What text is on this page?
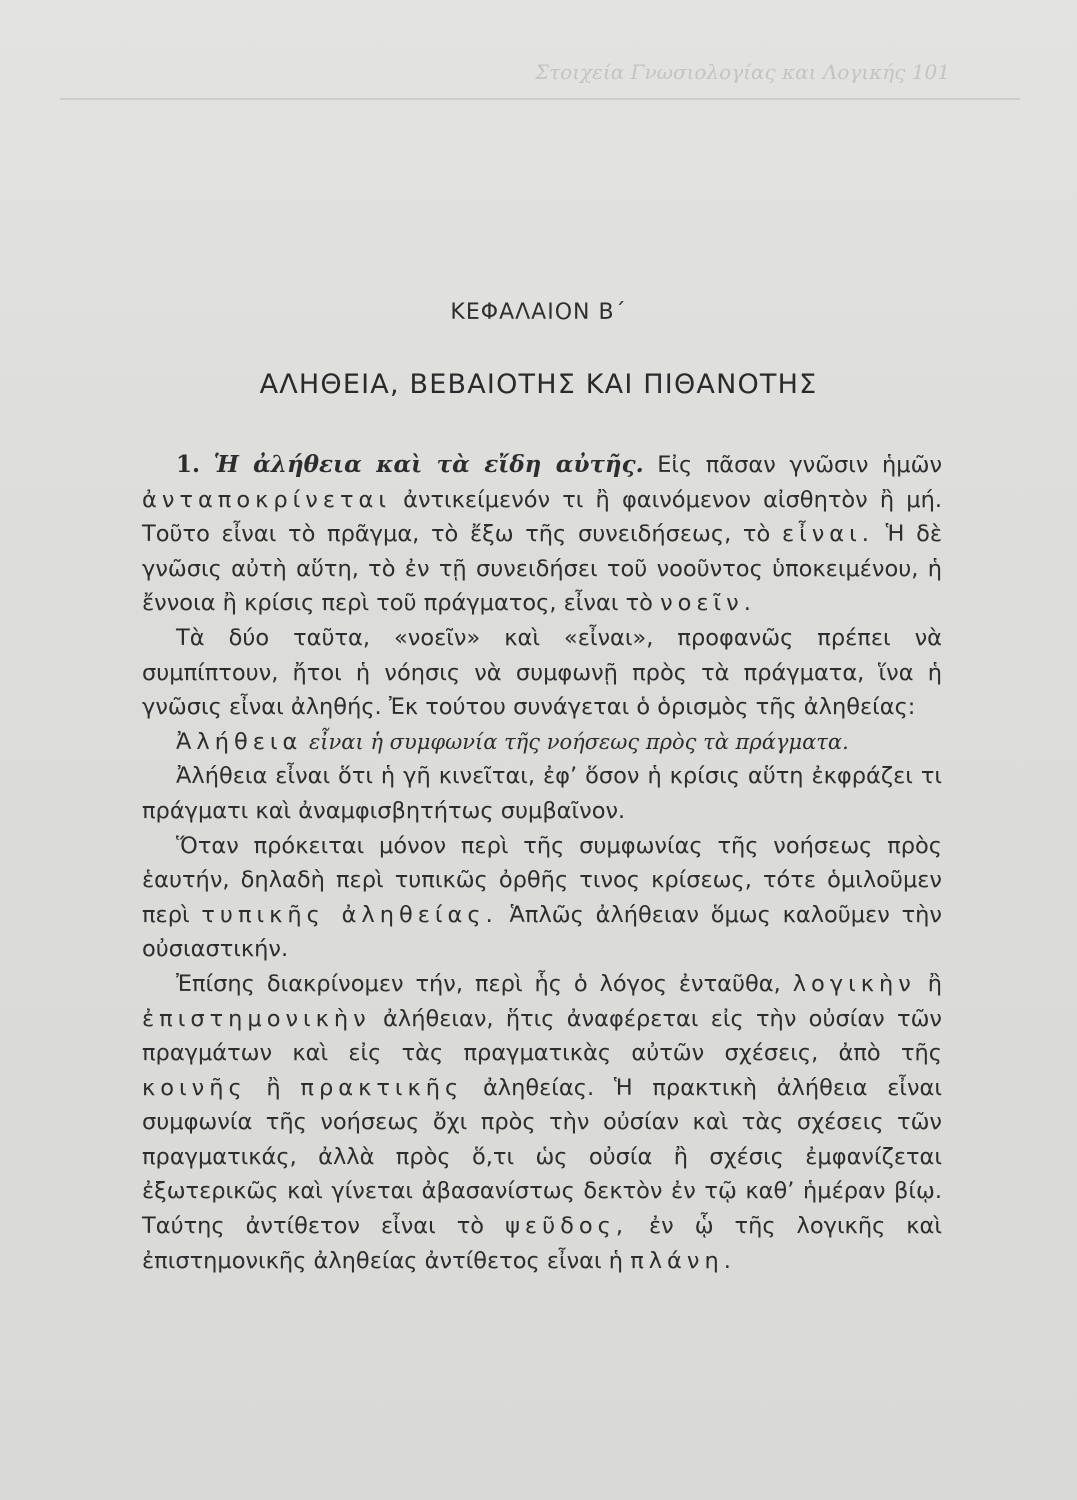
Στοιχεία Γνωσιολογίας και Λογικής 101
ΚΕΦΑΛΑΙΟΝ Β΄
ΑΛΗΘΕΙΑ, ΒΕΒΑΙΟΤΗΣ ΚΑΙ ΠΙΘΑΝΟΤΗΣ

1. Ἡ ἀλήθεια καὶ τὰ εἴδη αὐτῆς. Εἰς πᾶσαν γνῶσιν ἡμῶν ἀνταποκρίνεται ἀντικείμενόν τι ἢ φαινόμενον αἰσθητὸν ἢ μή. Τοῦτο εἶναι τὸ πρᾶγμα, τὸ ἔξω τῆς συνειδήσεως, τὸ εἶναι. Ἡ δὲ γνῶσις αὐτὴ αὕτη, τὸ ἐν τῇ συνειδήσει τοῦ νοοῦντος ὑποκειμένου, ἡ ἔννοια ἢ κρίσις περὶ τοῦ πράγματος, εἶναι τὸ νοεῖν.

Τὰ δύο ταῦτα, «νοεῖν» καὶ «εἶναι», προφανῶς πρέπει νὰ συμπίπτουν, ἤτοι ἡ νόησις νὰ συμφωνῇ πρὸς τὰ πράγματα, ἵνα ἡ γνῶσις εἶναι ἀληθής. Ἐκ τούτου συνάγεται ὁ ὁρισμὸς τῆς ἀληθείας:

Ἀλήθεια εἶναι ἡ συμφωνία τῆς νοήσεως πρὸς τὰ πράγματα.

Ἀλήθεια εἶναι ὅτι ἡ γῆ κινεῖται, ἐφ’ ὅσον ἡ κρίσις αὕτη ἐκφράζει τι πράγματι καὶ ἀναμφισβητήτως συμβαῖνον.

Ὅταν πρόκειται μόνον περὶ τῆς συμφωνίας τῆς νοήσεως πρὸς ἑαυτήν, δηλαδὴ περὶ τυπικῶς ὀρθῆς τινος κρίσεως, τότε ὁμιλοῦμεν περὶ τυπικῆς ἀληθείας. Ἁπλῶς ἀλήθειαν ὅμως καλοῦμεν τὴν οὐσιαστικήν.

Ἐπίσης διακρίνομεν τήν, περὶ ἧς ὁ λόγος ἐνταῦθα, λογικὴν ἢ ἐπιστημονικὴν ἀλήθειαν, ἥτις ἀναφέρεται εἰς τὴν οὐσίαν τῶν πραγμάτων καὶ εἰς τὰς πραγματικὰς αὐτῶν σχέσεις, ἀπὸ τῆς κοινῆς ἢ πρακτικῆς ἀληθείας. Ἡ πρακτικὴ ἀλήθεια εἶναι συμφωνία τῆς νοήσεως ὄχι πρὸς τὴν οὐσίαν καὶ τὰς σχέσεις τῶν πραγματικάς, ἀλλὰ πρὸς ὅ,τι ὡς οὐσία ἢ σχέσις ἐμφανίζεται ἐξωτερικῶς καὶ γίνεται ἀβασανίστως δεκτὸν ἐν τῷ καθ’ ἡμέραν βίῳ. Ταύτης ἀντίθετον εἶναι τὸ ψεῦδος, ἐν ᾧ τῆς λογικῆς καὶ ἐπιστημονικῆς ἀληθείας ἀντίθετος εἶναι ἡ πλάνη.
